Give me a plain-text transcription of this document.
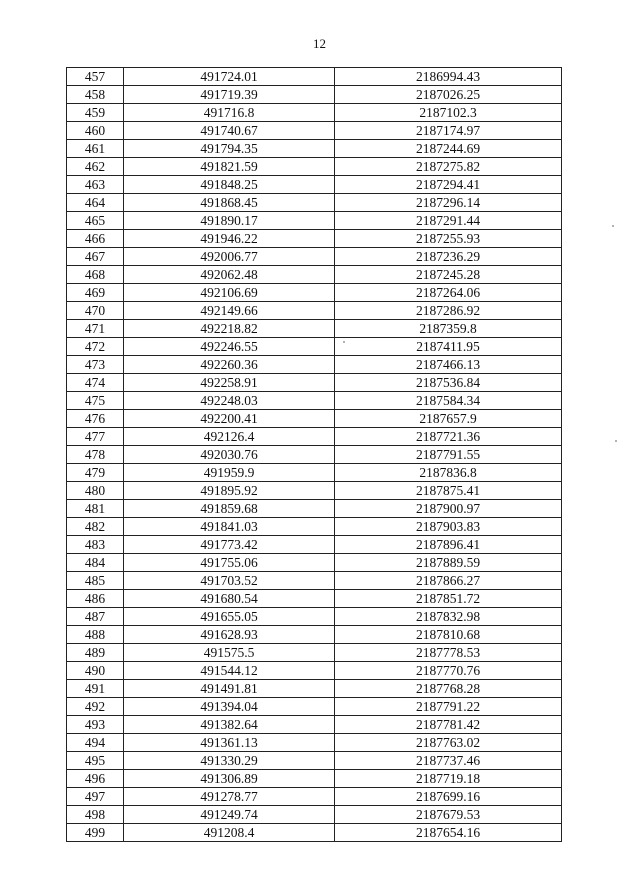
12
457	491724.01	2186994.43
458	491719.39	2187026.25
459	491716.8	2187102.3
460	491740.67	2187174.97
461	491794.35	2187244.69
462	491821.59	2187275.82
463	491848.25	2187294.41
464	491868.45	2187296.14
465	491890.17	2187291.44
466	491946.22	2187255.93
467	492006.77	2187236.29
468	492062.48	2187245.28
469	492106.69	2187264.06
470	492149.66	2187286.92
471	492218.82	2187359.8
472	492246.55	2187411.95
473	492260.36	2187466.13
474	492258.91	2187536.84
475	492248.03	2187584.34
476	492200.41	2187657.9
477	492126.4	2187721.36
478	492030.76	2187791.55
479	491959.9	2187836.8
480	491895.92	2187875.41
481	491859.68	2187900.97
482	491841.03	2187903.83
483	491773.42	2187896.41
484	491755.06	2187889.59
485	491703.52	2187866.27
486	491680.54	2187851.72
487	491655.05	2187832.98
488	491628.93	2187810.68
489	491575.5	2187778.53
490	491544.12	2187770.76
491	491491.81	2187768.28
492	491394.04	2187791.22
493	491382.64	2187781.42
494	491361.13	2187763.02
495	491330.29	2187737.46
496	491306.89	2187719.18
497	491278.77	2187699.16
498	491249.74	2187679.53
499	491208.4	2187654.16
